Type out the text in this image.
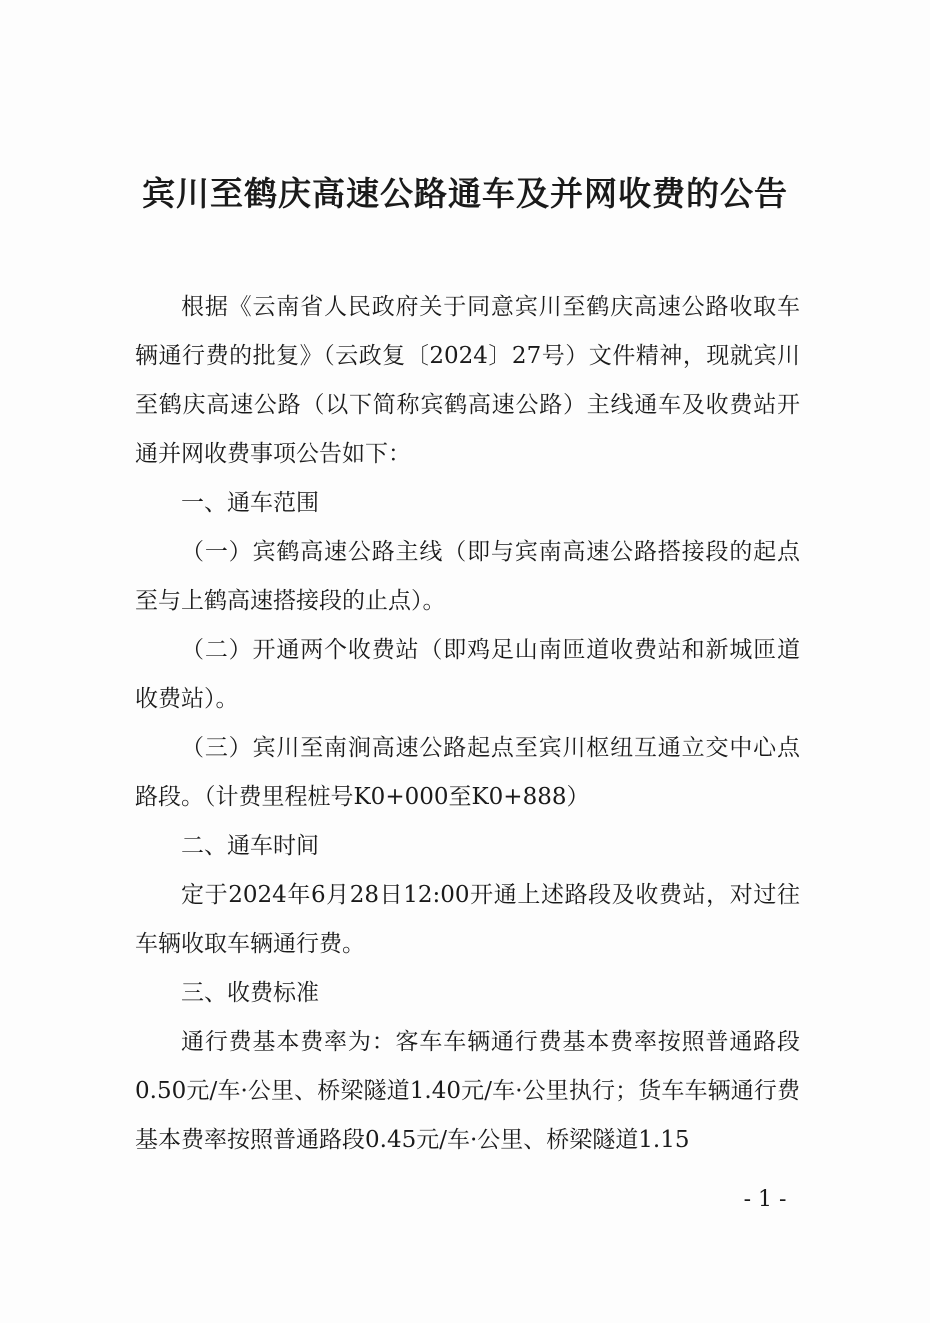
宾川至鹤庆高速公路通车及并网收费的公告

根据《云南省人民政府关于同意宾川至鹤庆高速公路收取车辆通行费的批复》（云政复〔2024〕27号）文件精神，现就宾川至鹤庆高速公路（以下简称宾鹤高速公路）主线通车及收费站开通并网收费事项公告如下：

一、通车范围

（一）宾鹤高速公路主线（即与宾南高速公路搭接段的起点至与上鹤高速搭接段的止点）。

（二）开通两个收费站（即鸡足山南匝道收费站和新城匝道收费站）。

（三）宾川至南涧高速公路起点至宾川枢纽互通立交中心点路段。（计费里程桩号K0+000至K0+888）

二、通车时间

定于2024年6月28日12:00开通上述路段及收费站，对过往车辆收取车辆通行费。

三、收费标准

通行费基本费率为：客车车辆通行费基本费率按照普通路段0.50元/车·公里、桥梁隧道1.40元/车·公里执行；货车车辆通行费基本费率按照普通路段0.45元/车·公里、桥梁隧道1.15

- 1 -
